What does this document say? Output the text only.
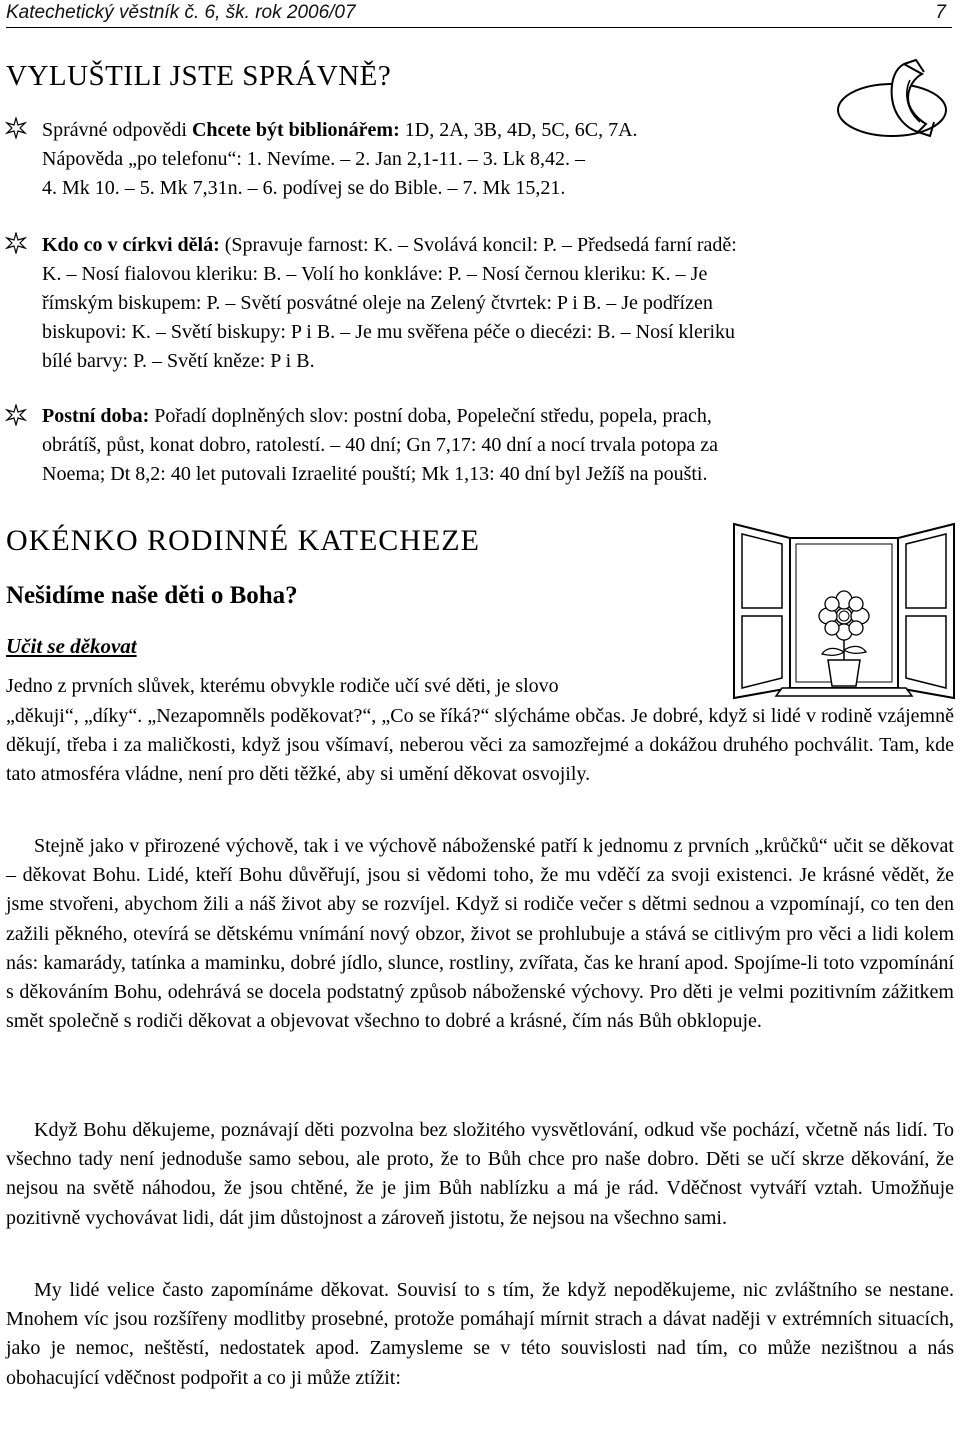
Katechetický věstník č. 6, šk. rok 2006/07	7
VYLUŠTILI JSTE SPRÁVNĚ?
Správné odpovědi Chcete být biblionářem: 1D, 2A, 3B, 4D, 5C, 6C, 7A.
Nápověda „po telefonu“: 1. Nevíme. – 2. Jan 2,1-11. – 3. Lk 8,42. –
4. Mk 10. – 5. Mk 7,31n. – 6. podívej se do Bible. – 7. Mk 15,21.
Kdo co v církvi dělá: (Spravuje farnost: K. – Svolává koncil: P. – Předsedá farní radě:
K. – Nosí fialovou kleriku: B. – Volí ho konkláve: P. – Nosí černou kleriku: K. – Je
římským biskupem: P. – Světí posvátné oleje na Zelený čtvrtek: P i B. – Je podřízen
biskupovi: K. – Světí biskupy: P i B. – Je mu svěřena péče o diecézi: B. – Nosí kleriku
bílé barvy: P. – Světí kněze: P i B.
Postní doba: Pořadí doplněných slov: postní doba, Popeleční středu, popela, prach,
obrátíš, půst, konat dobro, ratolestí. – 40 dní; Gn 7,17: 40 dní a nocí trvala potopa za
Noema; Dt 8,2: 40 let putovali Izraelité pouští; Mk 1,13: 40 dní byl Ježíš na poušti.
OKÉNKO RODINNÉ KATECHEZE
Nešidíme naše děti o Boha?
Učit se děkovat
Jedno z prvních slůvek, kterému obvykle rodiče učí své děti, je slovo
„děkuji“, „díky“. „Nezapomněls poděkovat?“, „Co se říká?“ slýcháme občas. Je dobré, když si lidé v rodině vzájemně děkují, třeba i za maličkosti, když jsou všímaví, neberou věci za samozřejmé a dokážou druhého pochválit. Tam, kde tato atmosféra vládne, není pro děti těžké, aby si umění děkovat osvojily.
Stejně jako v přirozené výchově, tak i ve výchově náboženské patří k jednomu z prvních „krůčků“ učit se děkovat – děkovat Bohu. Lidé, kteří Bohu důvěřují, jsou si vědomi toho, že mu vděčí za svoji existenci. Je krásné vědět, že jsme stvořeni, abychom žili a náš život aby se rozvíjel. Když si rodiče večer s dětmi sednou a vzpomínají, co ten den zažili pěkného, otevírá se dětskému vnímání nový obzor, život se prohlubuje a stává se citlivým pro věci a lidi kolem nás: kamarády, tatínka a maminku, dobré jídlo, slunce, rostliny, zvířata, čas ke hraní apod. Spojíme-li toto vzpomínání s děkováním Bohu, odehrává se docela podstatný způsob náboženské výchovy. Pro děti je velmi pozitivním zážitkem smět společně s rodiči děkovat a objevovat všechno to dobré a krásné, čím nás Bůh obklopuje.
Když Bohu děkujeme, poznávají děti pozvolna bez složitého vysvětlování, odkud vše pochází, včetně nás lidí. To všechno tady není jednoduše samo sebou, ale proto, že to Bůh chce pro naše dobro. Děti se učí skrze děkování, že nejsou na světě náhodou, že jsou chtěné, že je jim Bůh nablízku a má je rád. Vděčnost vytváří vztah. Umožňuje pozitivně vychovávat lidi, dát jim důstojnost a zároveň jistotu, že nejsou na všechno sami.
My lidé velice často zapomínáme děkovat. Souvisí to s tím, že když nepoděkujeme, nic zvláštního se nestane. Mnohem víc jsou rozšířeny modlitby prosebné, protože pomáhají mírnit strach a dávat naději v extrémních situacích, jako je nemoc, neštěstí, nedostatek apod. Zamysleme se v této souvislosti nad tím, co může nezištnou a nás obohacující vděčnost podpořit a co ji může ztížit:
